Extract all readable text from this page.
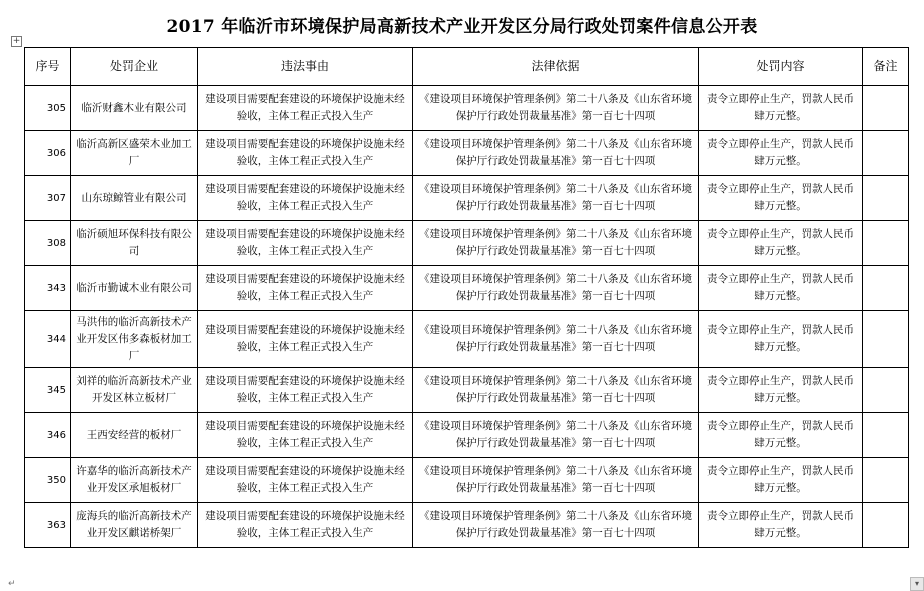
2017 年临沂市环境保护局高新技术产业开发区分局行政处罚案件信息公开表
+
序号	处罚企业	违法事由	法律依据	处罚内容	备注
305	临沂财鑫木业有限公司	建设项目需要配套建设的环境保护设施未经验收，主体工程正式投入生产	《建设项目环境保护管理条例》第二十八条及《山东省环境保护厅行政处罚裁量基准》第一百七十四项	责令立即停止生产，罚款人民币肆万元整。	
306	临沂高新区盛荣木业加工厂	建设项目需要配套建设的环境保护设施未经验收，主体工程正式投入生产	《建设项目环境保护管理条例》第二十八条及《山东省环境保护厅行政处罚裁量基准》第一百七十四项	责令立即停止生产，罚款人民币肆万元整。	
307	山东琼鲸管业有限公司	建设项目需要配套建设的环境保护设施未经验收，主体工程正式投入生产	《建设项目环境保护管理条例》第二十八条及《山东省环境保护厅行政处罚裁量基准》第一百七十四项	责令立即停止生产，罚款人民币肆万元整。	
308	临沂硕旭环保科技有限公司	建设项目需要配套建设的环境保护设施未经验收，主体工程正式投入生产	《建设项目环境保护管理条例》第二十八条及《山东省环境保护厅行政处罚裁量基准》第一百七十四项	责令立即停止生产，罚款人民币肆万元整。	
343	临沂市勤诚木业有限公司	建设项目需要配套建设的环境保护设施未经验收，主体工程正式投入生产	《建设项目环境保护管理条例》第二十八条及《山东省环境保护厅行政处罚裁量基准》第一百七十四项	责令立即停止生产，罚款人民币肆万元整。	
344	马洪伟的临沂高新技术产业开发区伟多森板材加工厂	建设项目需要配套建设的环境保护设施未经验收，主体工程正式投入生产	《建设项目环境保护管理条例》第二十八条及《山东省环境保护厅行政处罚裁量基准》第一百七十四项	责令立即停止生产，罚款人民币肆万元整。	
345	刘祥的临沂高新技术产业开发区林立板材厂	建设项目需要配套建设的环境保护设施未经验收，主体工程正式投入生产	《建设项目环境保护管理条例》第二十八条及《山东省环境保护厅行政处罚裁量基准》第一百七十四项	责令立即停止生产，罚款人民币肆万元整。	
346	王西安经营的板材厂	建设项目需要配套建设的环境保护设施未经验收，主体工程正式投入生产	《建设项目环境保护管理条例》第二十八条及《山东省环境保护厅行政处罚裁量基准》第一百七十四项	责令立即停止生产，罚款人民币肆万元整。	
350	许嘉华的临沂高新技术产业开发区承旭板材厂	建设项目需要配套建设的环境保护设施未经验收，主体工程正式投入生产	《建设项目环境保护管理条例》第二十八条及《山东省环境保护厅行政处罚裁量基准》第一百七十四项	责令立即停止生产，罚款人民币肆万元整。	
363	庞海兵的临沂高新技术产业开发区麒诺桥架厂	建设项目需要配套建设的环境保护设施未经验收，主体工程正式投入生产	《建设项目环境保护管理条例》第二十八条及《山东省环境保护厅行政处罚裁量基准》第一百七十四项	责令立即停止生产，罚款人民币肆万元整。	
↵	▾
